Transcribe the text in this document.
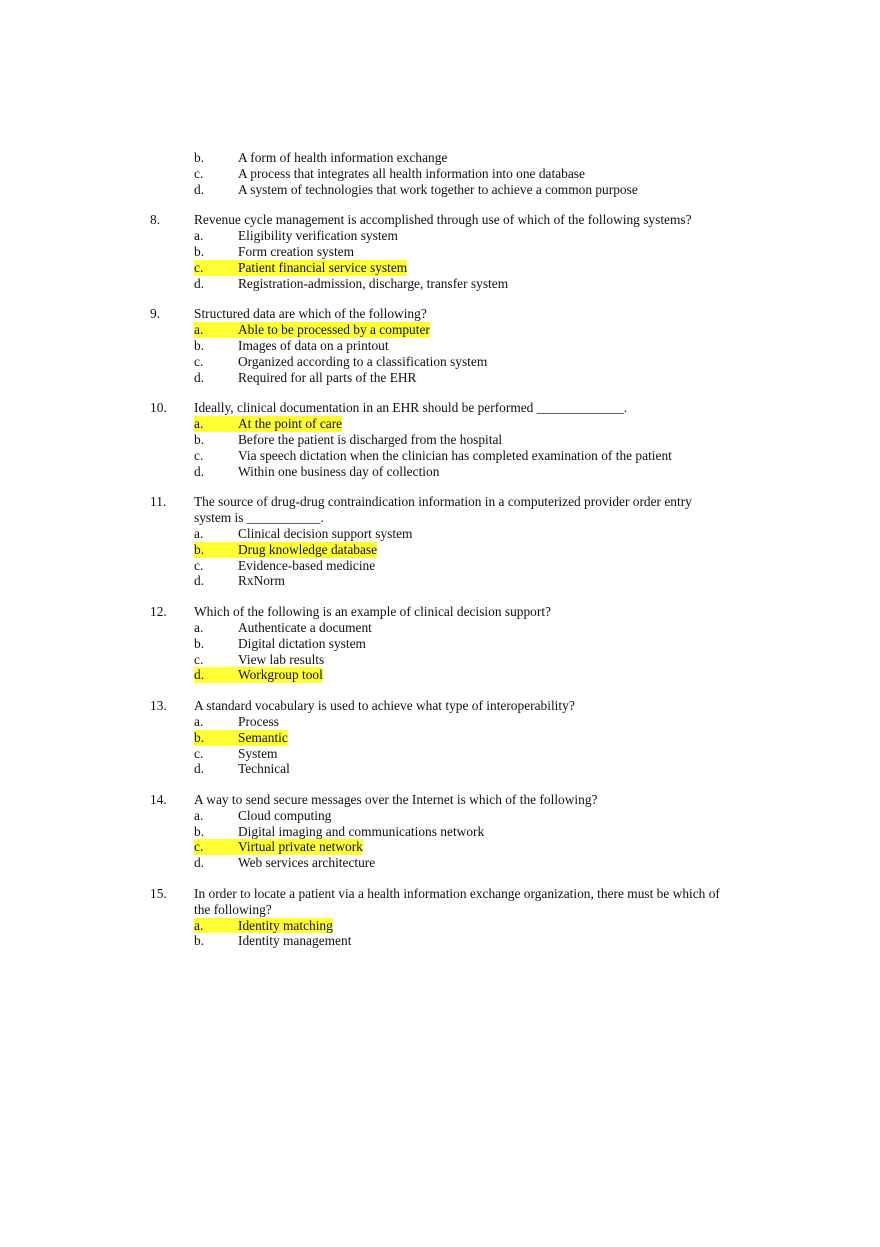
b.	A form of health information exchange
c.	A process that integrates all health information into one database
d.	A system of technologies that work together to achieve a common purpose
8.	Revenue cycle management is accomplished through use of which of the following systems?
a.	Eligibility verification system
b.	Form creation system
c.	Patient financial service system
d.	Registration-admission, discharge, transfer system
9.	Structured data are which of the following?
a.	Able to be processed by a computer
b.	Images of data on a printout
c.	Organized according to a classification system
d.	Required for all parts of the EHR
10. Ideally, clinical documentation in an EHR should be performed _____________.
a.	At the point of care
b.	Before the patient is discharged from the hospital
c.	Via speech dictation when the clinician has completed examination of the patient
d.	Within one business day of collection
11. The source of drug-drug contraindication information in a computerized provider order entry system is ___________.
a.	Clinical decision support system
b.	Drug knowledge database
c.	Evidence-based medicine
d.	RxNorm
12. Which of the following is an example of clinical decision support?
a.	Authenticate a document
b.	Digital dictation system
c.	View lab results
d.	Workgroup tool
13. A standard vocabulary is used to achieve what type of interoperability?
a.	Process
b.	Semantic
c.	System
d.	Technical
14. A way to send secure messages over the Internet is which of the following?
a.	Cloud computing
b.	Digital imaging and communications network
c.	Virtual private network
d.	Web services architecture
15. In order to locate a patient via a health information exchange organization, there must be which of the following?
a.	Identity matching
b.	Identity management
